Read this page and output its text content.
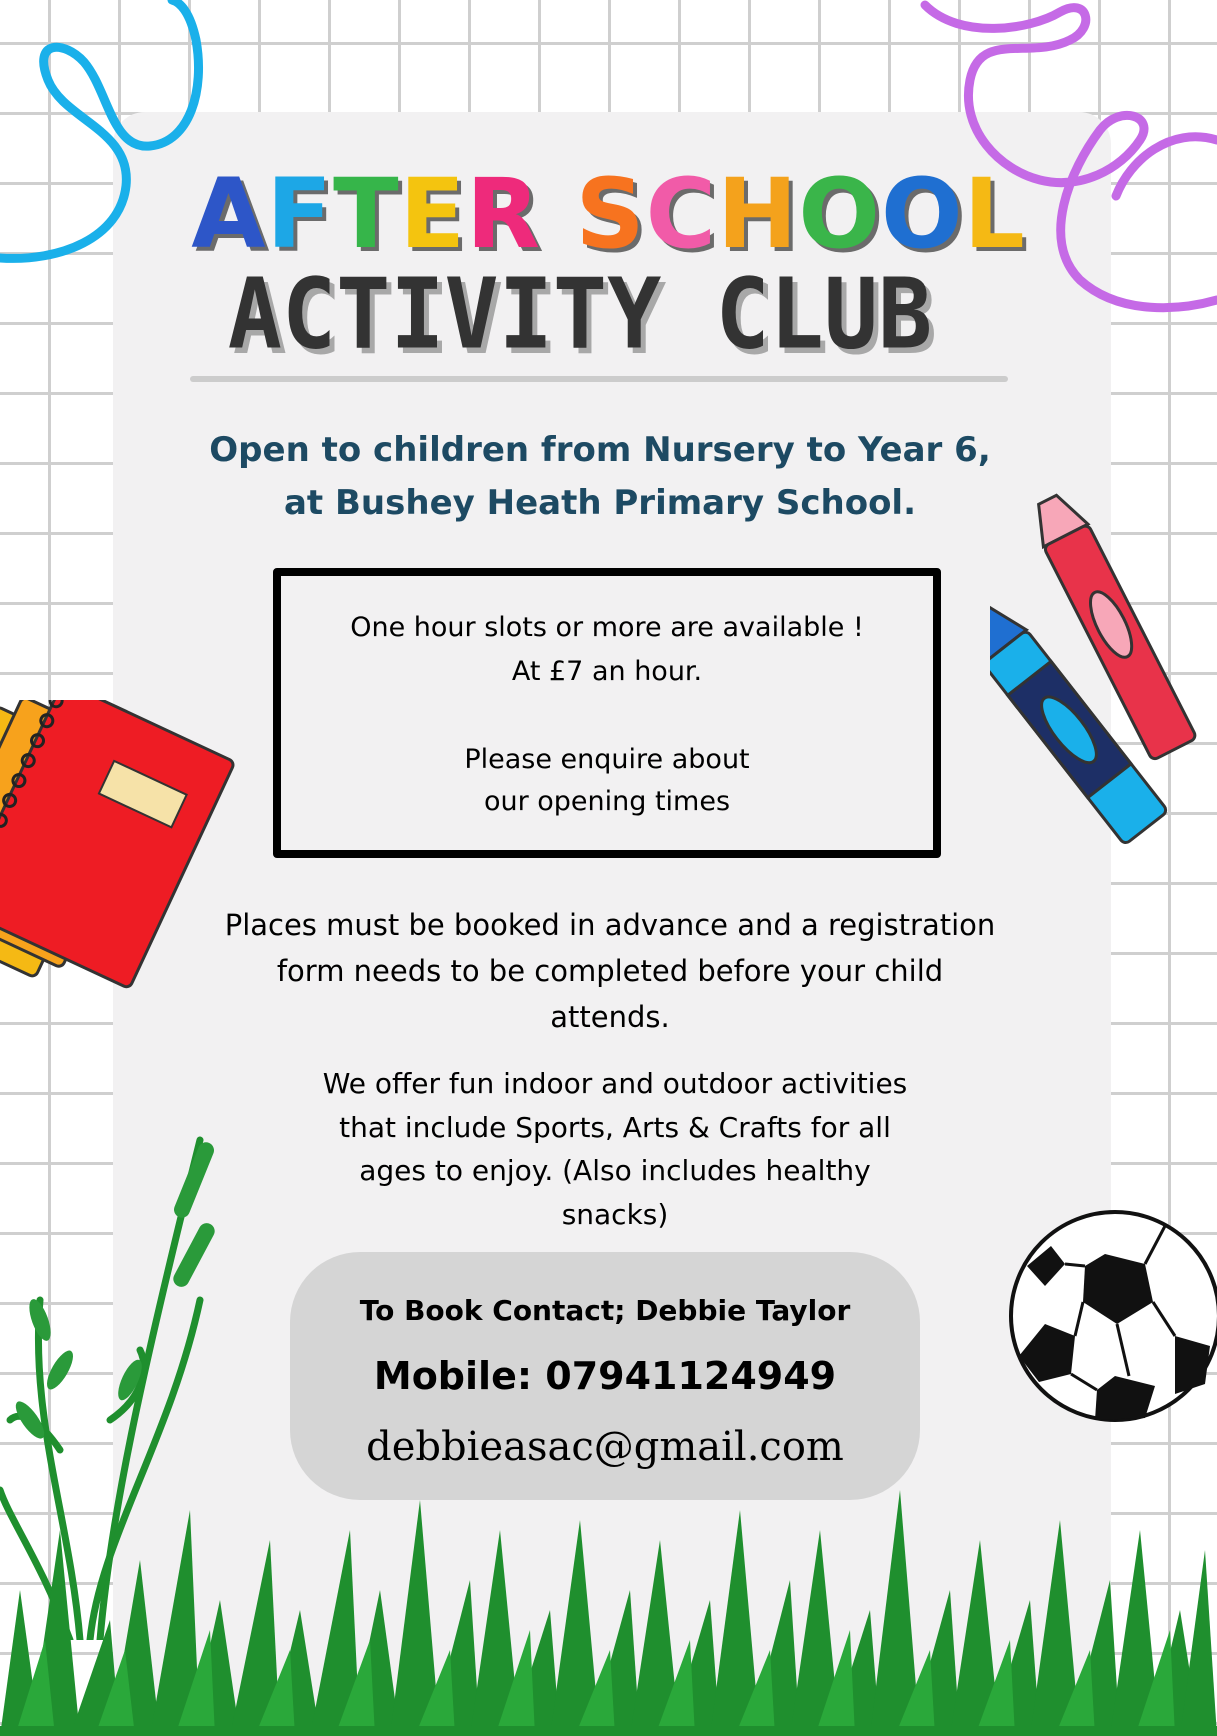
AFTER SCHOOL
ACTIVITY CLUB
Open to children from Nursery to Year 6,
at Bushey Heath Primary School.
One hour slots or more are available !
At £7 an hour.
Please enquire about
our opening times
Places must be booked in advance and a registration
form needs to be completed before your child
attends.
We offer fun indoor and outdoor activities
that include Sports, Arts & Crafts for all
ages to enjoy. (Also includes healthy
snacks)
To Book Contact; Debbie Taylor
Mobile: 07941124949
debbieasac@gmail.com
